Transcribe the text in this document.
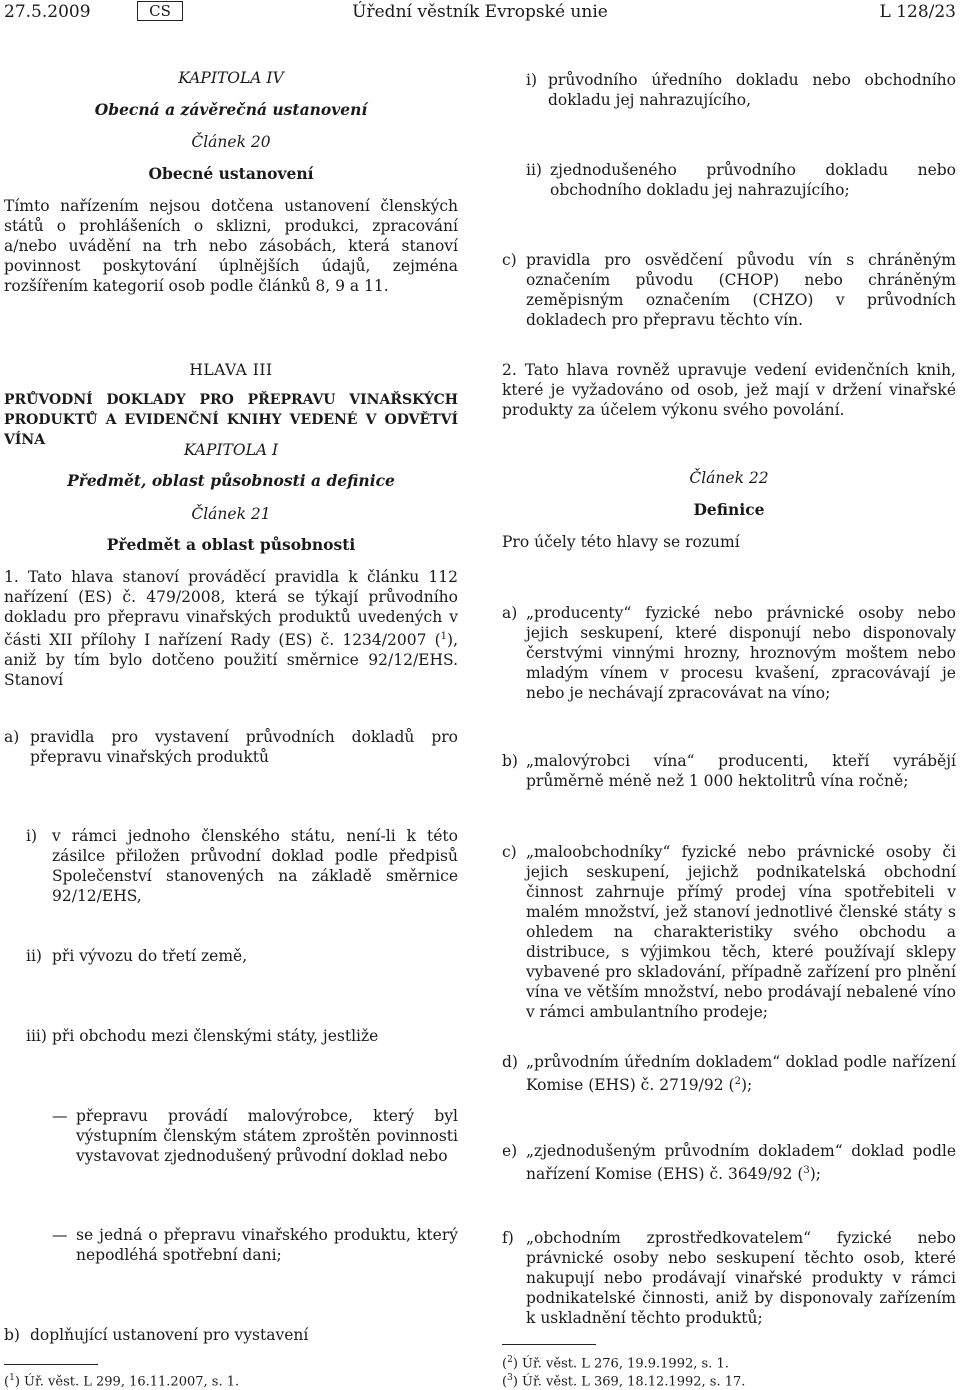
27.5.2009	CS	Úřední věstník Evropské unie	L 128/23
KAPITOLA IV
Obecná a závěrečná ustanovení
Článek 20
Obecné ustanovení
Tímto nařízením nejsou dotčena ustanovení členských států o prohlášeních o sklizni, produkci, zpracování a/nebo uvádění na trh nebo zásobách, která stanoví povinnost poskytování úplnějších údajů, zejména rozšířením kategorií osob podle článků 8, 9 a 11.
HLAVA III
PRŮVODNÍ DOKLADY PRO PŘEPRAVU VINAŘSKÝCH PRODUKTŮ A EVIDENČNÍ KNIHY VEDENÉ V ODVĚTVÍ VÍNA
KAPITOLA I
Předmět, oblast působnosti a definice
Článek 21
Předmět a oblast působnosti
1. Tato hlava stanoví prováděcí pravidla k článku 112 nařízení (ES) č. 479/2008, která se týkají průvodního dokladu pro přepravu vinařských produktů uvedených v části XII přílohy I nařízení Rady (ES) č. 1234/2007 ($^1$), aniž by tím bylo dotčeno použití směrnice 92/12/EHS. Stanoví
a) pravidla pro vystavení průvodních dokladů pro přepravu vinařských produktů
i) v rámci jednoho členského státu, není-li k této zásilce přiložen průvodní doklad podle předpisů Společenství stanovených na základě směrnice 92/12/EHS,
ii) při vývozu do třetí země,
iii) při obchodu mezi členskými státy, jestliže
— přepravu provádí malovýrobce, který byl výstupním členským státem zproštěn povinnosti vystavovat zjednodušený průvodní doklad nebo
— se jedná o přepravu vinařského produktu, který nepodléhá spotřební dani;
b) doplňující ustanovení pro vystavení
($^1$) Úř. věst. L 299, 16.11.2007, s. 1.
i) průvodního úředního dokladu nebo obchodního dokladu jej nahrazujícího,
ii) zjednodušeného průvodního dokladu nebo obchodního dokladu jej nahrazujícího;
c) pravidla pro osvědčení původu vín s chráněným označením původu (CHOP) nebo chráněným zeměpisným označením (CHZO) v průvodních dokladech pro přepravu těchto vín.
2. Tato hlava rovněž upravuje vedení evidenčních knih, které je vyžadováno od osob, jež mají v držení vinařské produkty za účelem výkonu svého povolání.
Článek 22
Definice
Pro účely této hlavy se rozumí
a) „producenty“ fyzické nebo právnické osoby nebo jejich seskupení, které disponují nebo disponovaly čerstvými vinnými hrozny, hroznovým moštem nebo mladým vínem v procesu kvašení, zpracovávají je nebo je nechávají zpracovávat na víno;
b) „malovýrobci vína“ producenti, kteří vyrábějí průměrně méně než 1 000 hektolitrů vína ročně;
c) „maloobchodníky“ fyzické nebo právnické osoby či jejich seskupení, jejichž podnikatelská obchodní činnost zahrnuje přímý prodej vína spotřebiteli v malém množství, jež stanoví jednotlivé členské státy s ohledem na charakteristiky svého obchodu a distribuce, s výjimkou těch, které používají sklepy vybavené pro skladování, případně zařízení pro plnění vína ve větším množství, nebo prodávají nebalené víno v rámci ambulantního prodeje;
d) „průvodním úředním dokladem“ doklad podle nařízení Komise (EHS) č. 2719/92 ($^2$);
e) „zjednodušeným průvodním dokladem“ doklad podle nařízení Komise (EHS) č. 3649/92 ($^3$);
f) „obchodním zprostředkovatelem“ fyzické nebo právnické osoby nebo seskupení těchto osob, které nakupují nebo prodávají vinařské produkty v rámci podnikatelské činnosti, aniž by disponovaly zařízením k uskladnění těchto produktů;
($^2$) Úř. věst. L 276, 19.9.1992, s. 1.
($^3$) Úř. věst. L 369, 18.12.1992, s. 17.
